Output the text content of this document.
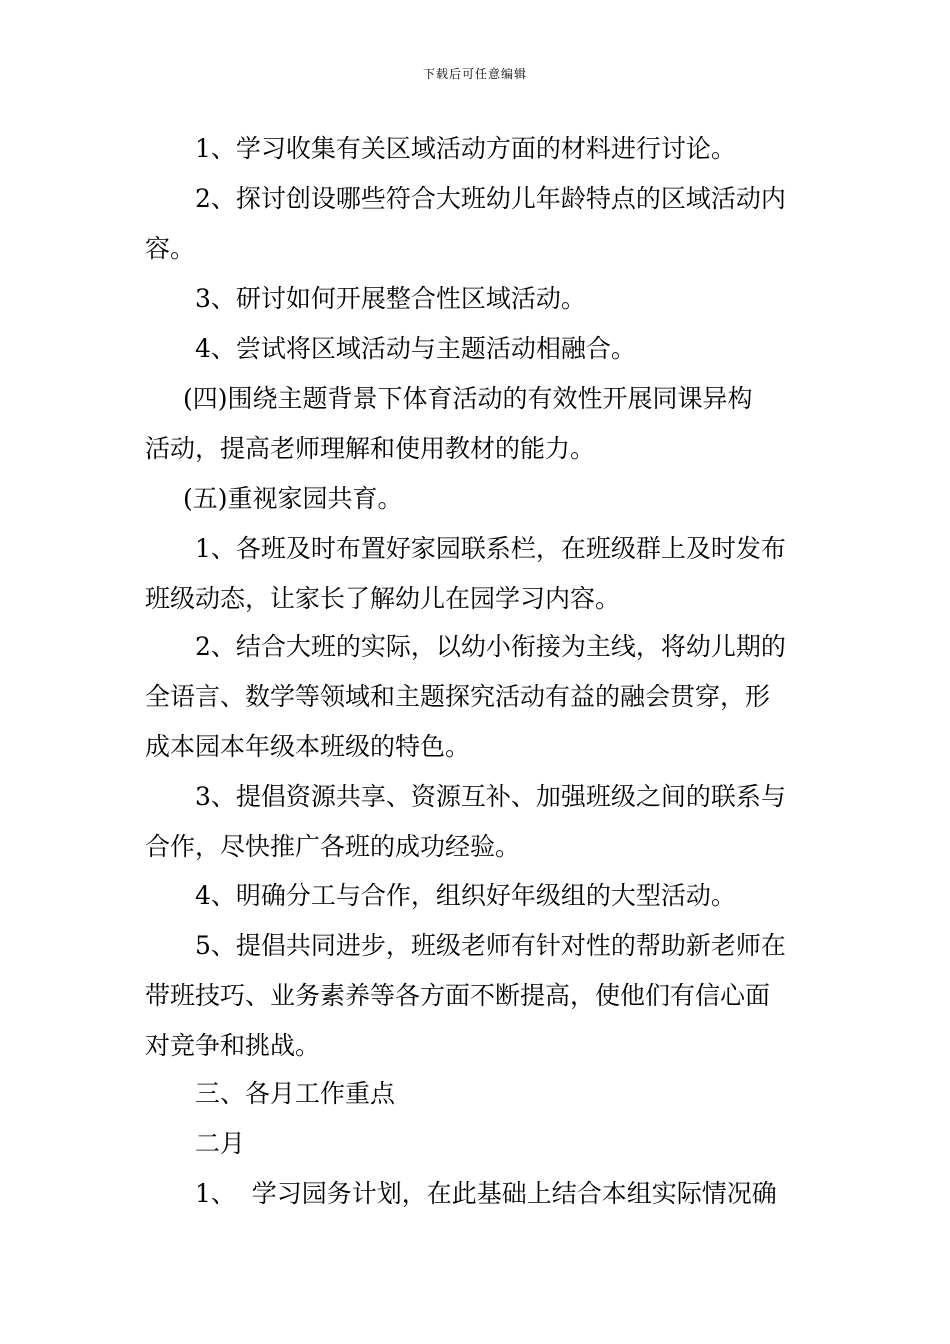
下载后可任意编辑
1、学习收集有关区域活动方面的材料进行讨论。
2、探讨创设哪些符合大班幼儿年龄特点的区域活动内
容。
3、研讨如何开展整合性区域活动。
4、尝试将区域活动与主题活动相融合。
(四)围绕主题背景下体育活动的有效性开展同课异构
活动，提高老师理解和使用教材的能力。
(五)重视家园共育。
1、各班及时布置好家园联系栏，在班级群上及时发布
班级动态，让家长了解幼儿在园学习内容。
2、结合大班的实际，以幼小衔接为主线，将幼儿期的
全语言、数学等领域和主题探究活动有益的融会贯穿，形
成本园本年级本班级的特色。
3、提倡资源共享、资源互补、加强班级之间的联系与
合作，尽快推广各班的成功经验。
4、明确分工与合作，组织好年级组的大型活动。
5、提倡共同进步，班级老师有针对性的帮助新老师在
带班技巧、业务素养等各方面不断提高，使他们有信心面
对竞争和挑战。
三、各月工作重点
二月
1、  学习园务计划，在此基础上结合本组实际情况确
